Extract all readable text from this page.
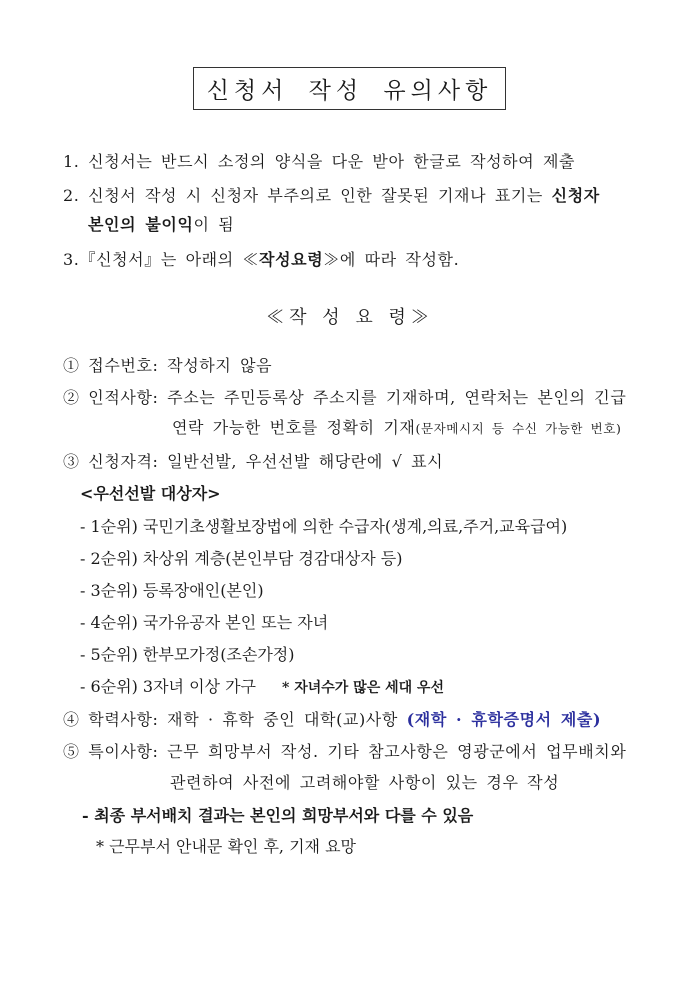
신청서 작성 유의사항
1. 신청서는 반드시 소정의 양식을 다운 받아 한글로 작성하여 제출
2. 신청서 작성 시 신청자 부주의로 인한 잘못된 기재나 표기는 신청자
본인의 불이익이 됨
3.『신청서』는 아래의 ≪작성요령≫에 따라 작성함.
≪작 성 요 령≫
① 접수번호: 작성하지 않음
② 인적사항: 주소는 주민등록상 주소지를 기재하며, 연락처는 본인의 긴급
연락 가능한 번호를 정확히 기재(문자메시지 등 수신 가능한 번호)
③ 신청자격: 일반선발, 우선선발 해당란에 √ 표시
<우선선발 대상자>
- 1순위) 국민기초생활보장법에 의한 수급자(생계,의료,주거,교육급여)
- 2순위) 차상위 계층(본인부담 경감대상자 등)
- 3순위) 등록장애인(본인)
- 4순위) 국가유공자 본인 또는 자녀
- 5순위) 한부모가정(조손가정)
- 6순위) 3자녀 이상 가구 * 자녀수가 많은 세대 우선
④ 학력사항: 재학 · 휴학 중인 대학(교)사항 (재학 · 휴학증명서 제출)
⑤ 특이사항: 근무 희망부서 작성. 기타 참고사항은 영광군에서 업무배치와
관련하여 사전에 고려해야할 사항이 있는 경우 작성
- 최종 부서배치 결과는 본인의 희망부서와 다를 수 있음
* 근무부서 안내문 확인 후, 기재 요망
